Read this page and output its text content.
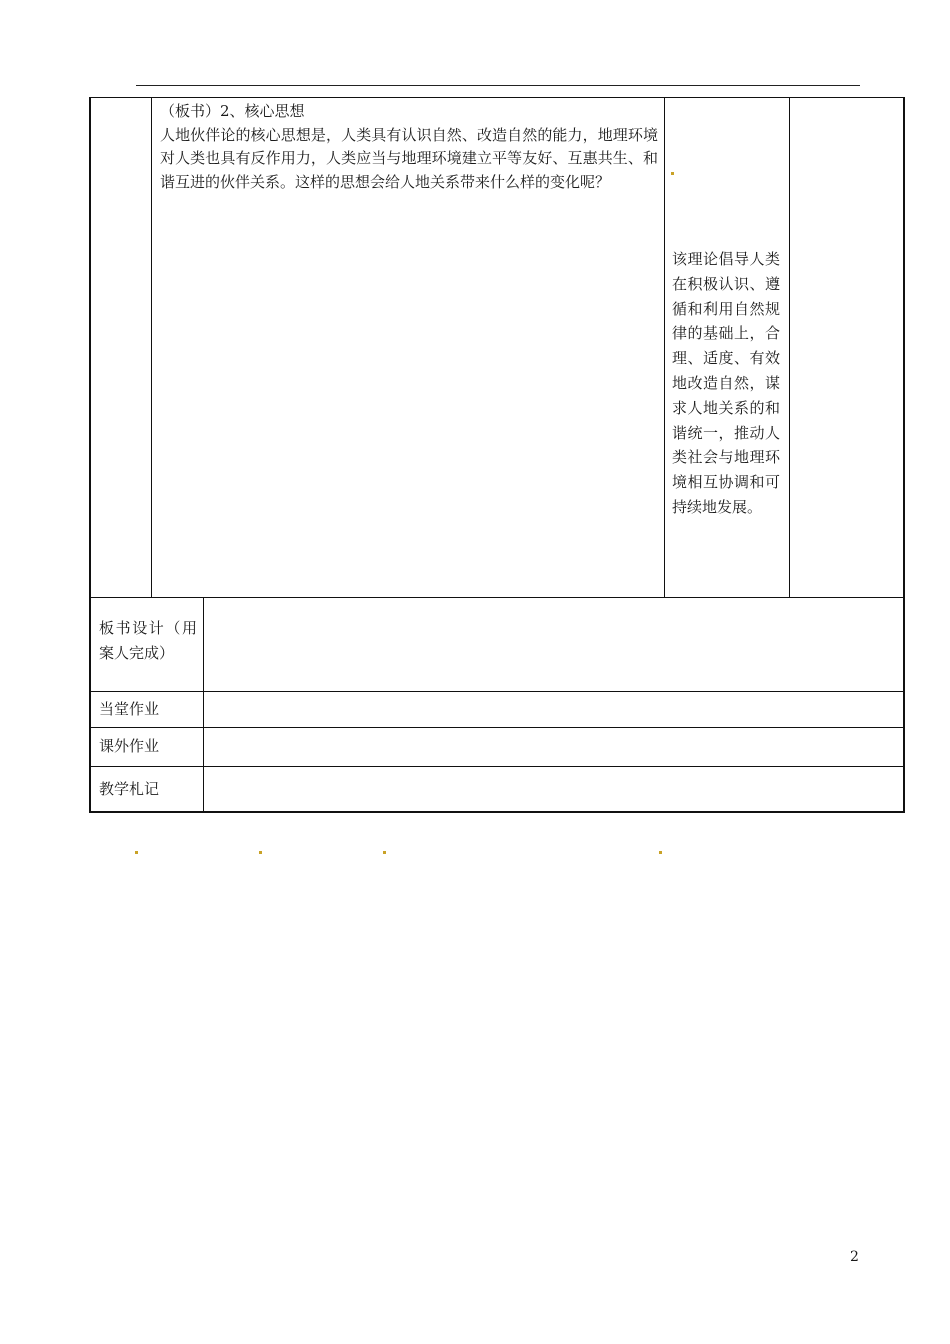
（板书）2、核心思想

人地伙伴论的核心思想是，人类具有认识自然、改造自然的能力，地理环境对人类也具有反作用力，人类应当与地理环境建立平等友好、互惠共生、和谐互进的伙伴关系。这样的思想会给人地关系带来什么样的变化呢？

该理论倡导人类在积极认识、遵循和利用自然规律的基础上，合理、适度、有效地改造自然，谋求人地关系的和谐统一，推动人类社会与地理环境相互协调和可持续地发展。
板书设计（用案人完成）
当堂作业
课外作业
教学札记
2
